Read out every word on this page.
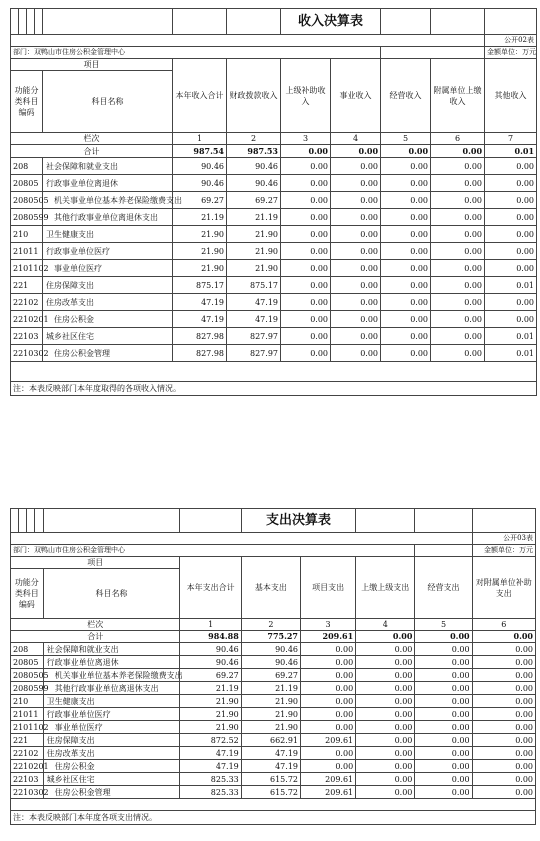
							收入决算表				
											公开02表
部门：双鸭山市住房公积金管理中心											金额单位：万元
项目					本年收入合计	财政拨款收入	上级补助收入	事业收入	经营收入	附属单位上缴收入	其他收入
功能分类科目编码				科目名称							
栏次					1	2	3	4	5	6	7
合计					987.54	987.53	0.00	0.00	0.00	0.00	0.01
208				社会保障和就业支出	90.46	90.46	0.00	0.00	0.00	0.00	0.00
20805				行政事业单位离退休	90.46	90.46	0.00	0.00	0.00	0.00	0.00
2080505				机关事业单位基本养老保险缴费支出	69.27	69.27	0.00	0.00	0.00	0.00	0.00
2080599				其他行政事业单位离退休支出	21.19	21.19	0.00	0.00	0.00	0.00	0.00
210				卫生健康支出	21.90	21.90	0.00	0.00	0.00	0.00	0.00
21011				行政事业单位医疗	21.90	21.90	0.00	0.00	0.00	0.00	0.00
2101102				事业单位医疗	21.90	21.90	0.00	0.00	0.00	0.00	0.00
221				住房保障支出	875.17	875.17	0.00	0.00	0.00	0.00	0.01
22102				住房改革支出	47.19	47.19	0.00	0.00	0.00	0.00	0.00
2210201				住房公积金	47.19	47.19	0.00	0.00	0.00	0.00	0.00
22103				城乡社区住宅	827.98	827.97	0.00	0.00	0.00	0.00	0.01
2210302				住房公积金管理	827.98	827.97	0.00	0.00	0.00	0.00	0.01

注：本表反映部门本年度取得的各项收入情况。											
						支出决算表				
										公开03表
部门：双鸭山市住房公积金管理中心										金额单位：万元
项目					本年支出合计	基本支出	项目支出	上缴上级支出	经营支出	对附属单位补助支出
功能分类科目编码				科目名称						
栏次					1	2	3	4	5	6
合计					984.88	775.27	209.61	0.00	0.00	0.00
208				社会保障和就业支出	90.46	90.46	0.00	0.00	0.00	0.00
20805				行政事业单位离退休	90.46	90.46	0.00	0.00	0.00	0.00
2080505				机关事业单位基本养老保险缴费支出	69.27	69.27	0.00	0.00	0.00	0.00
2080599				其他行政事业单位离退休支出	21.19	21.19	0.00	0.00	0.00	0.00
210				卫生健康支出	21.90	21.90	0.00	0.00	0.00	0.00
21011				行政事业单位医疗	21.90	21.90	0.00	0.00	0.00	0.00
2101102				事业单位医疗	21.90	21.90	0.00	0.00	0.00	0.00
221				住房保障支出	872.52	662.91	209.61	0.00	0.00	0.00
22102				住房改革支出	47.19	47.19	0.00	0.00	0.00	0.00
2210201				住房公积金	47.19	47.19	0.00	0.00	0.00	0.00
22103				城乡社区住宅	825.33	615.72	209.61	0.00	0.00	0.00
2210302				住房公积金管理	825.33	615.72	209.61	0.00	0.00	0.00

注：本表反映部门本年度各项支出情况。										
